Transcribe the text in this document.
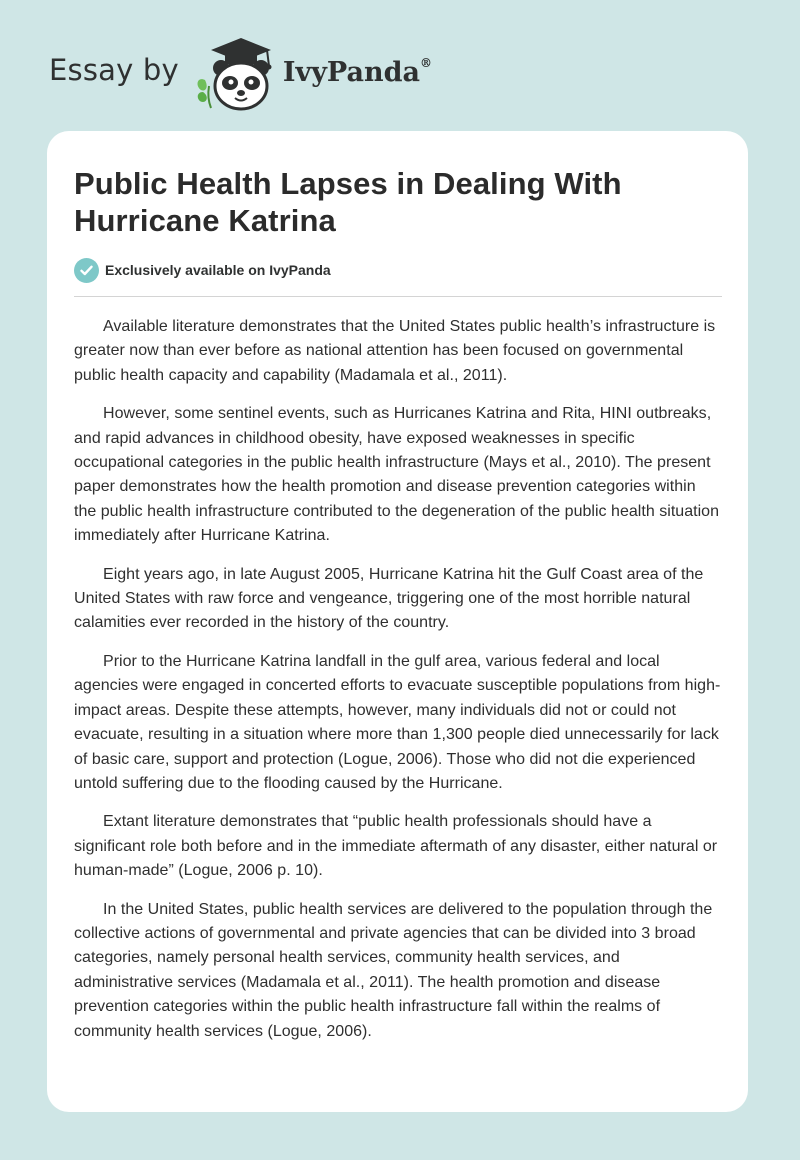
Essay by	IvyPanda®
Public Health Lapses in Dealing With Hurricane Katrina
Exclusively available on IvyPanda

Available literature demonstrates that the United States public health’s infrastructure is greater now than ever before as national attention has been focused on governmental public health capacity and capability (Madamala et al., 2011).

However, some sentinel events, such as Hurricanes Katrina and Rita, HINI outbreaks, and rapid advances in childhood obesity, have exposed weaknesses in specific occupational categories in the public health infrastructure (Mays et al., 2010). The present paper demonstrates how the health promotion and disease prevention categories within the public health infrastructure contributed to the degeneration of the public health situation immediately after Hurricane Katrina.

Eight years ago, in late August 2005, Hurricane Katrina hit the Gulf Coast area of the United States with raw force and vengeance, triggering one of the most horrible natural calamities ever recorded in the history of the country.

Prior to the Hurricane Katrina landfall in the gulf area, various federal and local agencies were engaged in concerted efforts to evacuate susceptible populations from high-impact areas. Despite these attempts, however, many individuals did not or could not evacuate, resulting in a situation where more than 1,300 people died unnecessarily for lack of basic care, support and protection (Logue, 2006). Those who did not die experienced untold suffering due to the flooding caused by the Hurricane.

Extant literature demonstrates that “public health professionals should have a significant role both before and in the immediate aftermath of any disaster, either natural or human-made” (Logue, 2006 p. 10).

In the United States, public health services are delivered to the population through the collective actions of governmental and private agencies that can be divided into 3 broad categories, namely personal health services, community health services, and administrative services (Madamala et al., 2011). The health promotion and disease prevention categories within the public health infrastructure fall within the realms of community health services (Logue, 2006).
